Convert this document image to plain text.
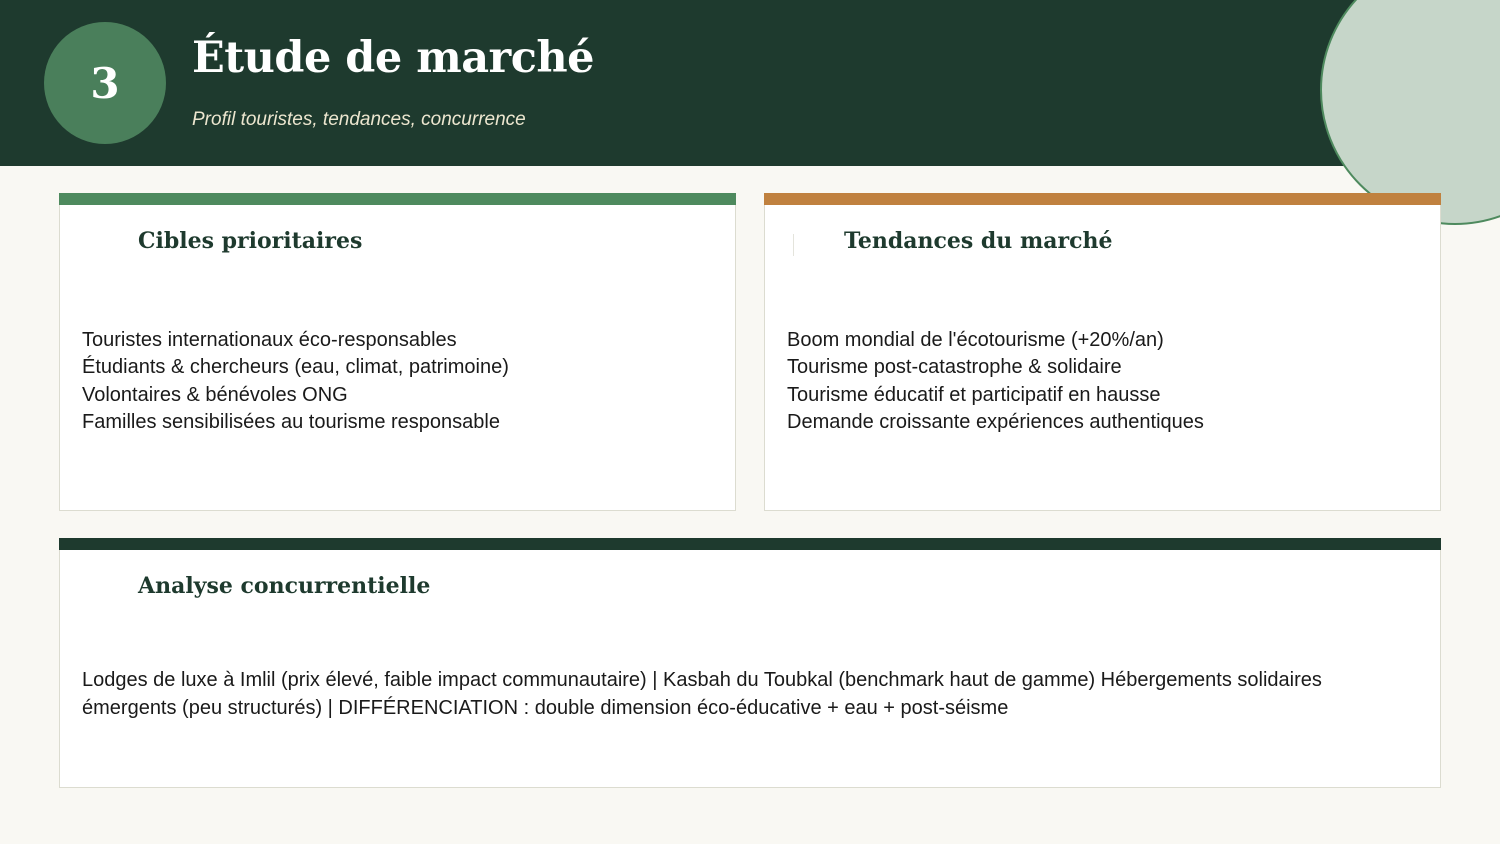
3	Étude de marché
Profil touristes, tendances, concurrence
Cibles prioritaires
Touristes internationaux éco-responsables
Étudiants & chercheurs (eau, climat, patrimoine)
Volontaires & bénévoles ONG
Familles sensibilisées au tourisme responsable
Tendances du marché
Boom mondial de l'écotourisme (+20%/an)
Tourisme post-catastrophe & solidaire
Tourisme éducatif et participatif en hausse
Demande croissante expériences authentiques
Analyse concurrentielle

Lodges de luxe à Imlil (prix élevé, faible impact communautaire) | Kasbah du Toubkal (benchmark haut de gamme) Hébergements solidaires émergents (peu structurés) | DIFFÉRENCIATION : double dimension éco-éducative + eau + post-séisme
